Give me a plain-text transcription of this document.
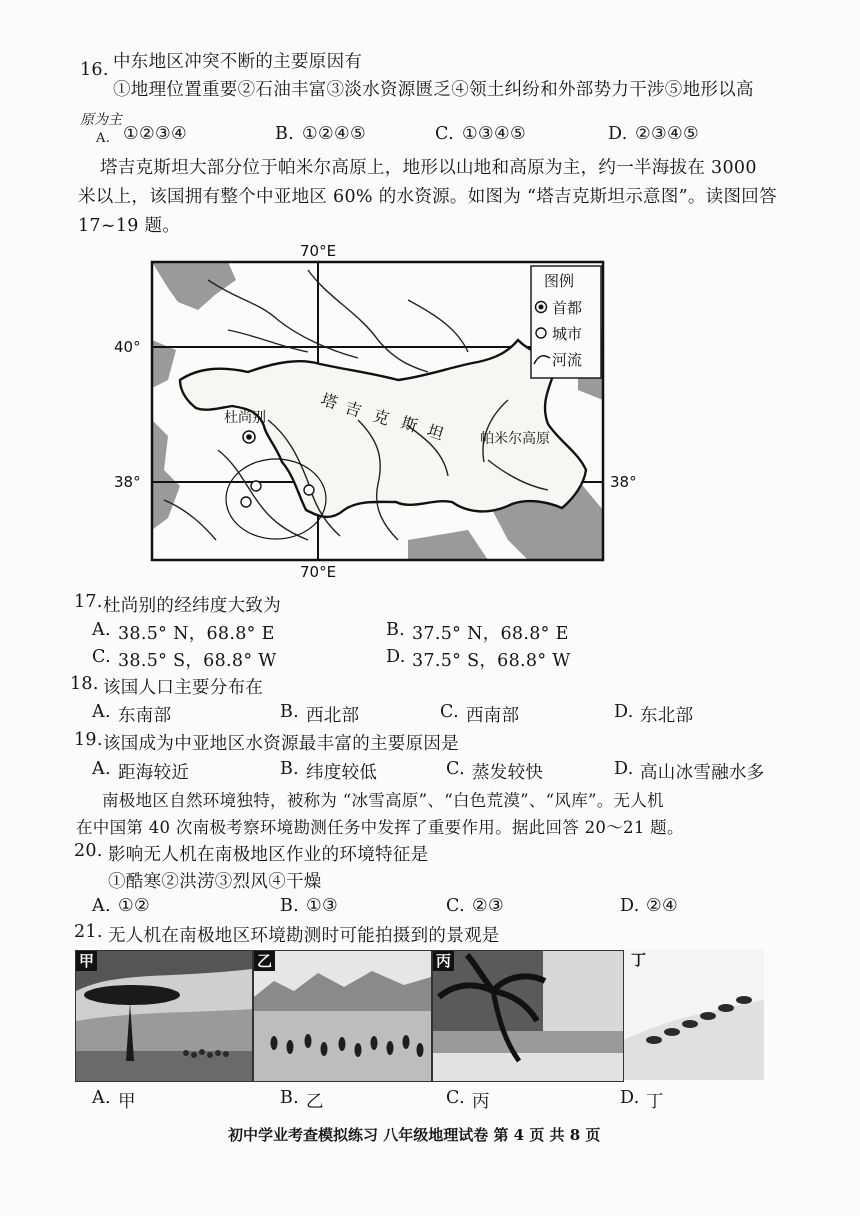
16. 中东地区冲突不断的主要原因有
①地理位置重要②石油丰富③淡水资源匮乏④领土纠纷和外部势力干涉⑤地形以高
原为主
A. ①②③④	B. ①②④⑤	C. ①③④⑤	D. ②③④⑤
塔吉克斯坦大部分位于帕米尔高原上，地形以山地和高原为主，约一半海拔在 3000
米以上，该国拥有整个中亚地区 60% 的水资源。如图为 “塔吉克斯坦示意图”。读图回答
17~19 题。
70°E
70°E
40°
38°	38°
杜尚别
塔 吉 克 斯 坦 帕米尔高原
图例
首都
城市
河流
17. 杜尚别的经纬度大致为
A. 38.5° N，68.8° E	B. 37.5° N，68.8° E
C. 38.5° S，68.8° W	D. 37.5° S，68.8° W
18. 该国人口主要分布在
A. 东南部	B. 西北部	C. 西南部	D. 东北部
19. 该国成为中亚地区水资源最丰富的主要原因是
A. 距海较近	B. 纬度较低	C. 蒸发较快	D. 高山冰雪融水多
南极地区自然环境独特，被称为 “冰雪高原”、“白色荒漠”、“风库”。无人机
在中国第 40 次南极考察环境勘测任务中发挥了重要作用。据此回答 20～21 题。
20. 影响无人机在南极地区作业的环境特征是
①酷寒②洪涝③烈风④干燥
A. ①②	B. ①③	C. ②③	D. ②④
21. 无人机在南极地区环境勘测时可能拍摄到的景观是
甲	乙	丙	丁
A. 甲	B. 乙	C. 丙	D. 丁
初中学业考查模拟练习 八年级地理试卷 第 4 页 共 8 页
